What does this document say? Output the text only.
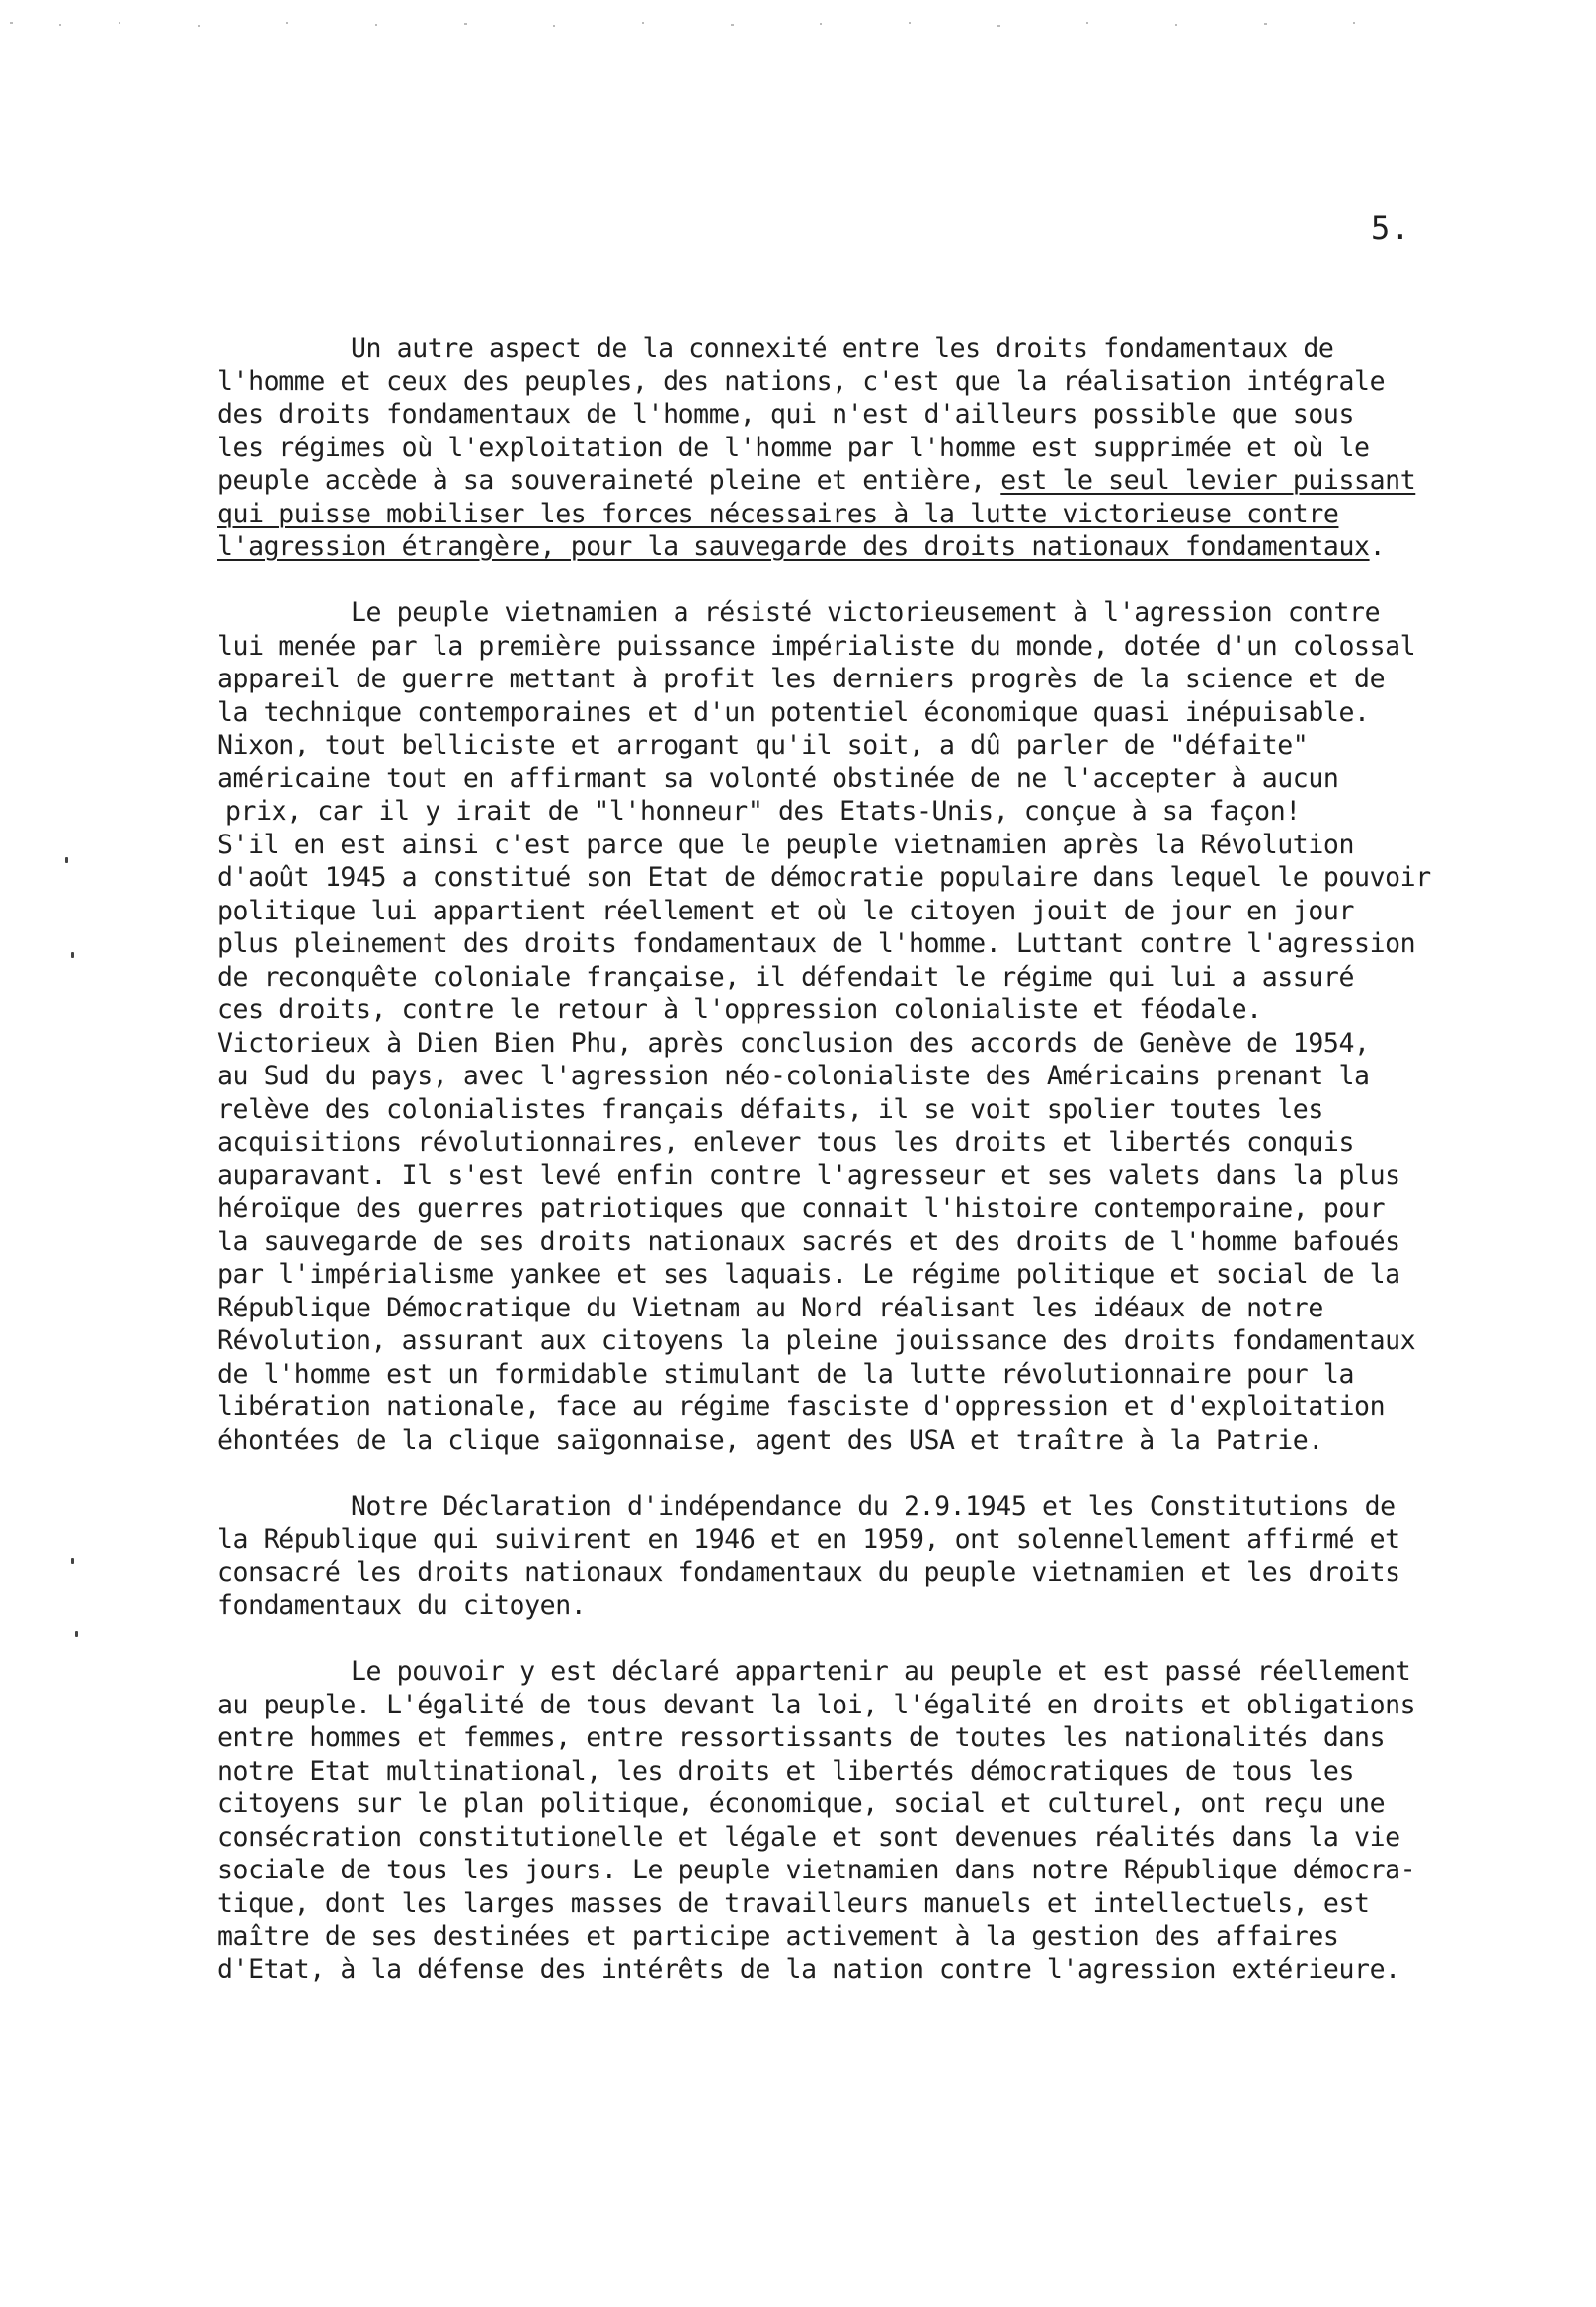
5.
Un autre aspect de la connexité entre les droits fondamentaux de
l'homme et ceux des peuples, des nations, c'est que la réalisation intégrale
des droits fondamentaux de l'homme, qui n'est d'ailleurs possible que sous
les régimes où l'exploitation de l'homme par l'homme est supprimée et où le
peuple accède à sa souveraineté pleine et entière, est le seul levier puissant
qui puisse mobiliser les forces nécessaires à la lutte victorieuse contre
l'agression étrangère, pour la sauvegarde des droits nationaux fondamentaux.
Le peuple vietnamien a résisté victorieusement à l'agression contre
lui menée par la première puissance impérialiste du monde, dotée d'un colossal
appareil de guerre mettant à profit les derniers progrès de la science et de
la technique contemporaines et d'un potentiel économique quasi inépuisable.
Nixon, tout belliciste et arrogant qu'il soit, a dû parler de "défaite"
américaine tout en affirmant sa volonté obstinée de ne l'accepter à aucun
prix, car il y irait de "l'honneur" des Etats-Unis, conçue à sa façon!
S'il en est ainsi c'est parce que le peuple vietnamien après la Révolution
d'août 1945 a constitué son Etat de démocratie populaire dans lequel le pouvoir
politique lui appartient réellement et où le citoyen jouit de jour en jour
plus pleinement des droits fondamentaux de l'homme. Luttant contre l'agression
de reconquête coloniale française, il défendait le régime qui lui a assuré
ces droits, contre le retour à l'oppression colonialiste et féodale.
Victorieux à Dien Bien Phu, après conclusion des accords de Genève de 1954,
au Sud du pays, avec l'agression néo-colonialiste des Américains prenant la
relève des colonialistes français défaits, il se voit spolier toutes les
acquisitions révolutionnaires, enlever tous les droits et libertés conquis
auparavant. Il s'est levé enfin contre l'agresseur et ses valets dans la plus
héroïque des guerres patriotiques que connait l'histoire contemporaine, pour
la sauvegarde de ses droits nationaux sacrés et des droits de l'homme bafoués
par l'impérialisme yankee et ses laquais. Le régime politique et social de la
République Démocratique du Vietnam au Nord réalisant les idéaux de notre
Révolution, assurant aux citoyens la pleine jouissance des droits fondamentaux
de l'homme est un formidable stimulant de la lutte révolutionnaire pour la
libération nationale, face au régime fasciste d'oppression et d'exploitation
éhontées de la clique saïgonnaise, agent des USA et traître à la Patrie.
Notre Déclaration d'indépendance du 2.9.1945 et les Constitutions de
la République qui suivirent en 1946 et en 1959, ont solennellement affirmé et
consacré les droits nationaux fondamentaux du peuple vietnamien et les droits
fondamentaux du citoyen.
Le pouvoir y est déclaré appartenir au peuple et est passé réellement
au peuple. L'égalité de tous devant la loi, l'égalité en droits et obligations
entre hommes et femmes, entre ressortissants de toutes les nationalités dans
notre Etat multinational, les droits et libertés démocratiques de tous les
citoyens sur le plan politique, économique, social et culturel, ont reçu une
consécration constitutionelle et légale et sont devenues réalités dans la vie
sociale de tous les jours. Le peuple vietnamien dans notre République démocra-
tique, dont les larges masses de travailleurs manuels et intellectuels, est
maître de ses destinées et participe activement à la gestion des affaires
d'Etat, à la défense des intérêts de la nation contre l'agression extérieure.
